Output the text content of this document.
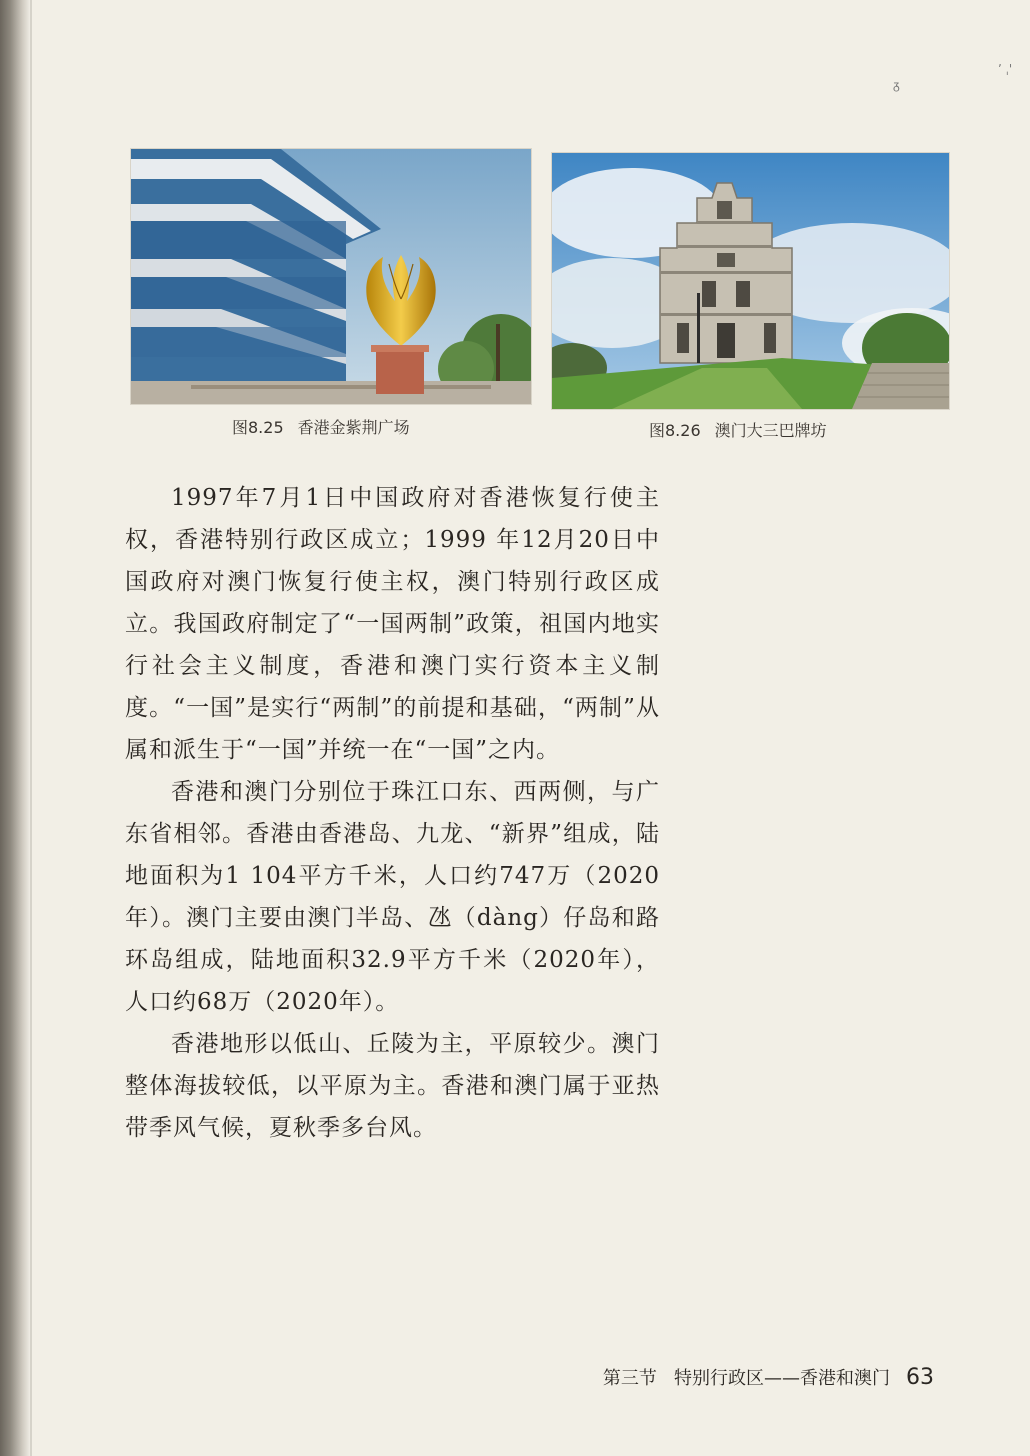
ᵹ
ʼ ˌ'
图8.25 香港金紫荆广场	图8.26 澳门大三巴牌坊

1997年7月1日中国政府对香港恢复行使主权，香港特别行政区成立；1999 年12月20日中国政府对澳门恢复行使主权，澳门特别行政区成立。我国政府制定了“一国两制”政策，祖国内地实行社会主义制度，香港和澳门实行资本主义制度。“一国”是实行“两制”的前提和基础，“两制”从属和派生于“一国”并统一在“一国”之内。

香港和澳门分别位于珠江口东、西两侧，与广东省相邻。香港由香港岛、九龙、“新界”组成，陆地面积为1 104平方千米，人口约747万（2020年）。澳门主要由澳门半岛、氹（dàng）仔岛和路环岛组成，陆地面积32.9平方千米（2020年），人口约68万（2020年）。

香港地形以低山、丘陵为主，平原较少。澳门整体海拔较低，以平原为主。香港和澳门属于亚热带季风气候，夏秋季多台风。

第三节 特别行政区——香港和澳门 63
